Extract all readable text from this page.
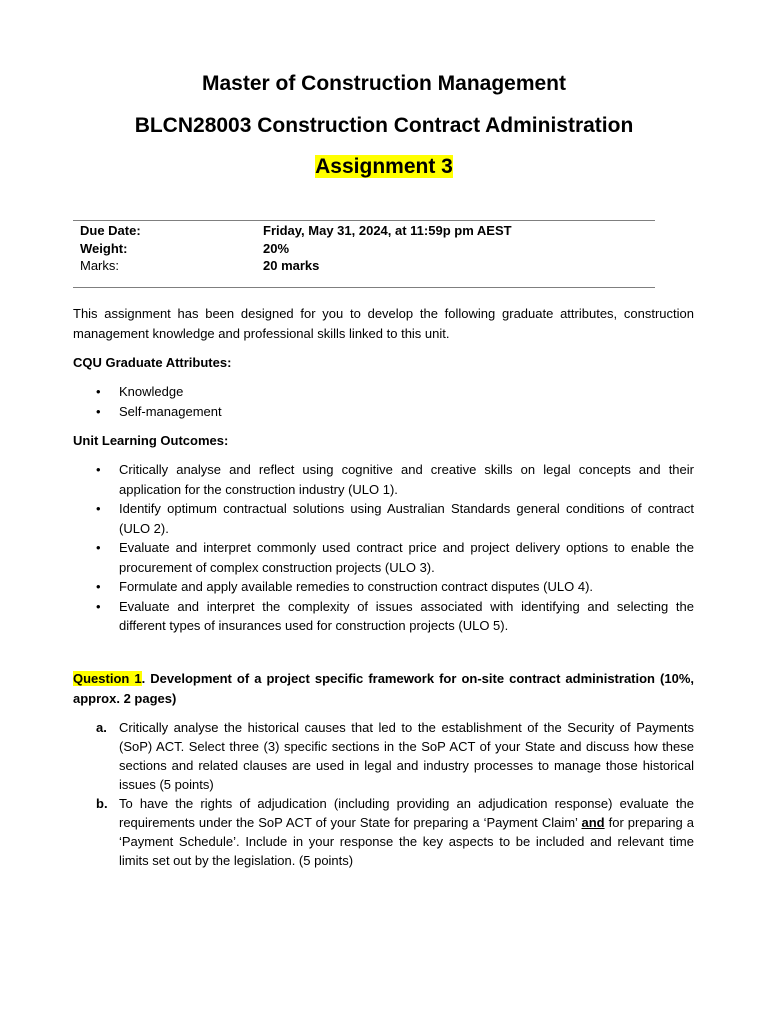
Master of Construction Management
BLCN28003 Construction Contract Administration
Assignment 3
Due Date:	Friday, May 31, 2024, at 11:59p pm AEST
Weight:	20%
Marks:	20 marks
This assignment has been designed for you to develop the following graduate attributes, construction management knowledge and professional skills linked to this unit.
CQU Graduate Attributes:
• Knowledge
• Self-management
Unit Learning Outcomes:
• Critically analyse and reflect using cognitive and creative skills on legal concepts and their application for the construction industry (ULO 1).
• Identify optimum contractual solutions using Australian Standards general conditions of contract (ULO 2).
• Evaluate and interpret commonly used contract price and project delivery options to enable the procurement of complex construction projects (ULO 3).
• Formulate and apply available remedies to construction contract disputes (ULO 4).
• Evaluate and interpret the complexity of issues associated with identifying and selecting the different types of insurances used for construction projects (ULO 5).
Question 1. Development of a project specific framework for on-site contract administration (10%, approx. 2 pages)
a. Critically analyse the historical causes that led to the establishment of the Security of Payments (SoP) ACT. Select three (3) specific sections in the SoP ACT of your State and discuss how these sections and related clauses are used in legal and industry processes to manage those historical issues (5 points)
b. To have the rights of adjudication (including providing an adjudication response) evaluate the requirements under the SoP ACT of your State for preparing a ‘Payment Claim’ and for preparing a ‘Payment Schedule’. Include in your response the key aspects to be included and relevant time limits set out by the legislation. (5 points)
